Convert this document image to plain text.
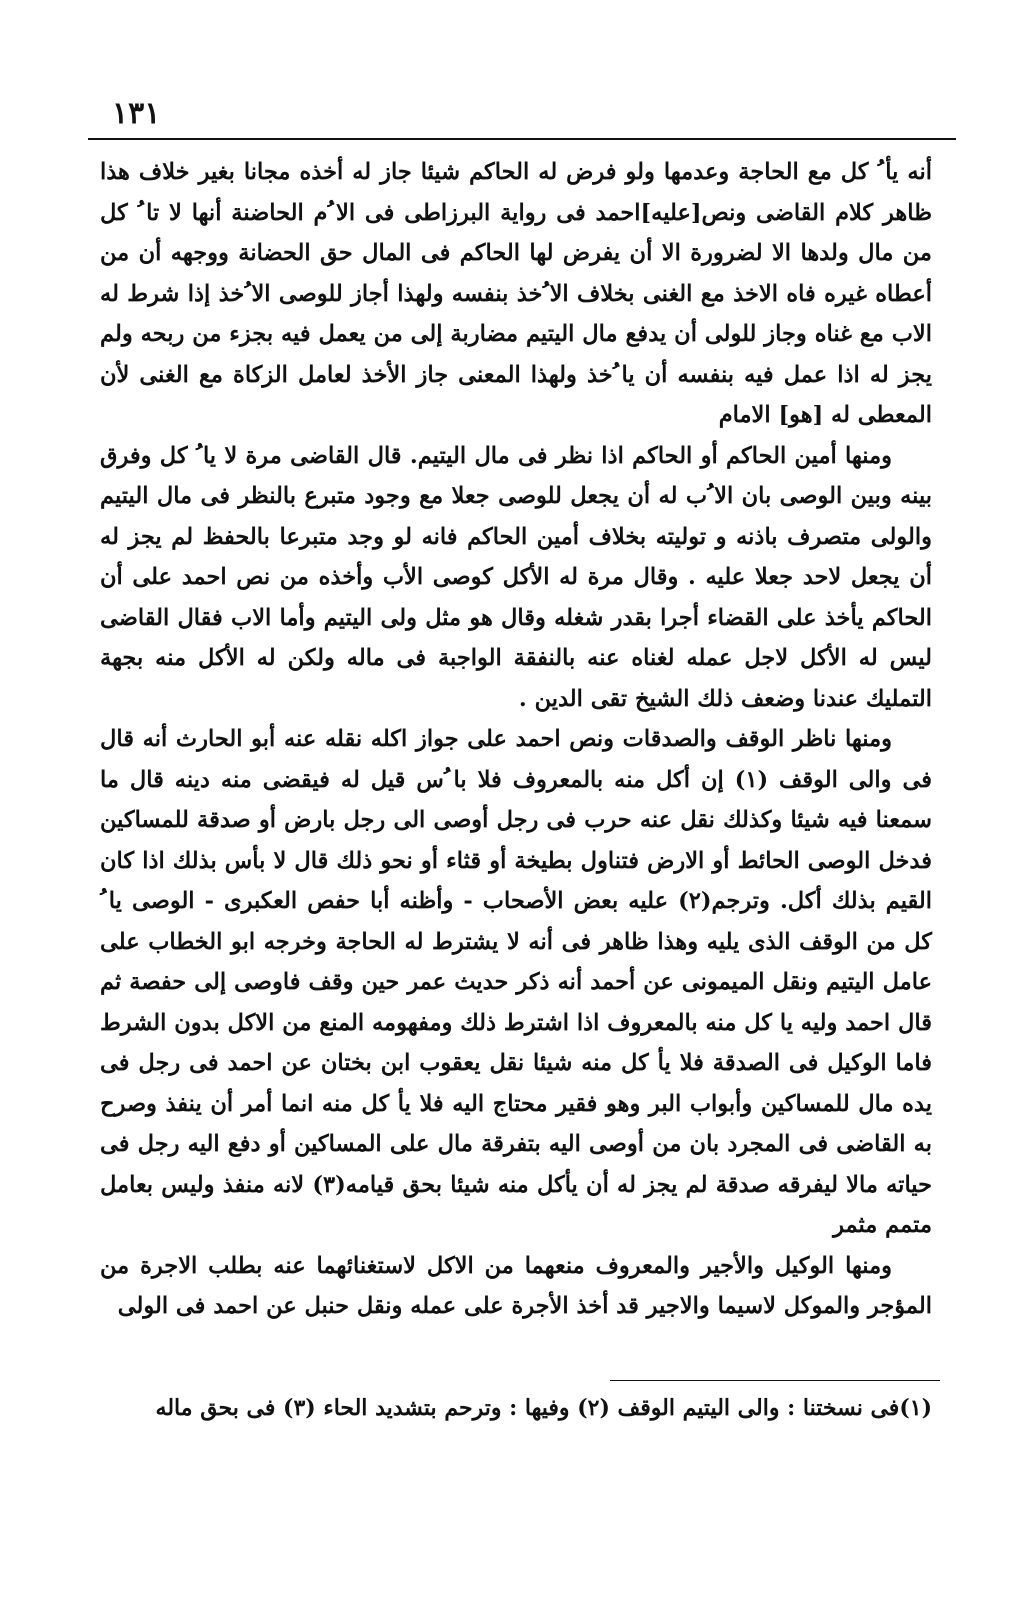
١٣١

أنه يأ ُ كل مع الحاجة وعدمها ولو فرض له الحاكم شيئا جاز له أخذه مجانا بغير خلاف هذا ظاهر كلام القاضى ونص[عليه]احمد فى رواية البرزاطى فى الا ُم الحاضنة أنها لا تا ُ كل من مال ولدها الا لضرورة الا أن يفرض لها الحاكم فى المال حق الحضانة ووجهه أن من أعطاه غيره فاه الاخذ مع الغنى بخلاف الا ُخذ بنفسه ولهذا أجاز للوصى الا ُخذ إذا شرط له الاب مع غناه وجاز للولى أن يدفع مال اليتيم مضاربة إلى من يعمل فيه بجزء من ربحه ولم يجز له اذا عمل فيه بنفسه أن يا ُخذ ولهذا المعنى جاز الأخذ لعامل الزكاة مع الغنى لأن المعطى له [هو] الامام

ومنها أمين الحاكم أو الحاكم اذا نظر فى مال اليتيم. قال القاضى مرة لا يا ُ كل وفرق بينه وبين الوصى بان الا ُب له أن يجعل للوصى جعلا مع وجود متبرع بالنظر فى مال اليتيم والولى متصرف باذنه و توليته بخلاف أمين الحاكم فانه لو وجد متبرعا بالحفظ لم يجز له أن يجعل لاحد جعلا عليه . وقال مرة له الأكل كوصى الأب وأخذه من نص احمد على أن الحاكم يأخذ على القضاء أجرا بقدر شغله وقال هو مثل ولى اليتيم وأما الاب فقال القاضى ليس له الأكل لاجل عمله لغناه عنه بالنفقة الواجبة فى ماله ولكن له الأكل منه بجهة التمليك عندنا وضعف ذلك الشيخ تقى الدين .

ومنها ناظر الوقف والصدقات ونص احمد على جواز اكله نقله عنه أبو الحارث أنه قال فى والى الوقف (١) إن أكل منه بالمعروف فلا با ُس قيل له فيقضى منه دينه قال ما سمعنا فيه شيئا وكذلك نقل عنه حرب فى رجل أوصى الى رجل بارض أو صدقة للمساكين فدخل الوصى الحائط أو الارض فتناول بطيخة أو قثاء أو نحو ذلك قال لا بأس بذلك اذا كان القيم بذلك أكل. وترجم(٢) عليه بعض الأصحاب - وأظنه أبا حفص العكبرى - الوصى يا ُ كل من الوقف الذى يليه وهذا ظاهر فى أنه لا يشترط له الحاجة وخرجه ابو الخطاب على عامل اليتيم ونقل الميمونى عن أحمد أنه ذكر حديث عمر حين وقف فاوصى إلى حفصة ثم قال احمد وليه يا كل منه بالمعروف اذا اشترط ذلك ومفهومه المنع من الاكل بدون الشرط فاما الوكيل فى الصدقة فلا يأ كل منه شيئا نقل يعقوب ابن بختان عن احمد فى رجل فى يده مال للمساكين وأبواب البر وهو فقير محتاج اليه فلا يأ كل منه انما أمر أن ينفذ وصرح به القاضى فى المجرد بان من أوصى اليه بتفرقة مال على المساكين أو دفع اليه رجل فى حياته مالا ليفرقه صدقة لم يجز له أن يأكل منه شيئا بحق قيامه(٣) لانه منفذ وليس بعامل متمم مثمر

ومنها الوكيل والأجير والمعروف منعهما من الاكل لاستغنائهما عنه بطلب الاجرة من المؤجر والموكل لاسيما والاجير قد أخذ الأجرة على عمله ونقل حنبل عن احمد فى الولى

(١)فى نسختنا : والى اليتيم الوقف (٢) وفيها : وترحم بتشديد الحاء (٣) فى بحق ماله
